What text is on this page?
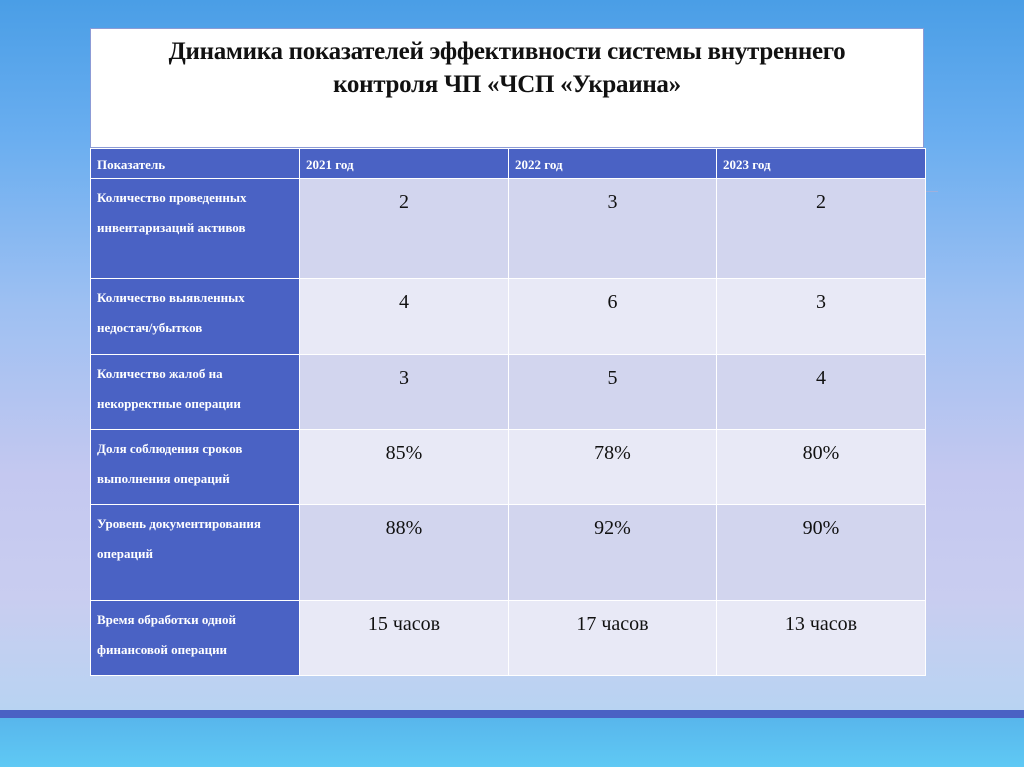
Динамика показателей эффективности системы внутреннего
контроля ЧП «ЧСП «Украина»
Показатель	2021 год	2022 год	2023 год
Количество проведенных инвентаризаций активов	2	3	2
Количество выявленных недостач/убытков	4	6	3
Количество жалоб на некорректные операции	3	5	4
Доля соблюдения сроков выполнения операций	85%	78%	80%
Уровень документирования операций	88%	92%	90%
Время обработки одной финансовой операции	15 часов	17 часов	13 часов
